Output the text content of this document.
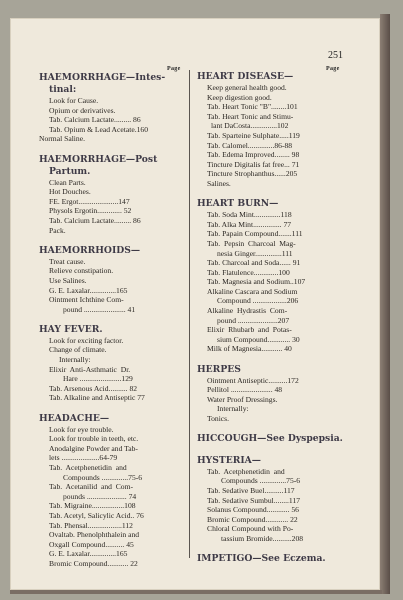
251
Page	Page
HAEMORRHAGE—Intes-
tinal:
Look for Cause.
Opium or derivatives.
Tab. Calcium Lactate......... 86
Tab. Opium & Lead Acetate.160
Normal Saline.
HAEMORRHAGE—Post
Partum.
Clean Parts.
Hot Douches.
FE. Ergot.....................147
Physols Ergotin............. 52
Tab. Calcium Lactate......... 86
Pack.
HAEMORRHOIDS—
Treat cause.
Relieve constipation.
Use Salines.
G. E. Laxalar..............165
Ointment Ichthine Com-
pound ...................... 41
HAY FEVER.
Look for exciting factor.
Change of climate.
Internally:
Elixir  Anti-Asthmatic  Dr.
Hare ......................129
Tab. Arsenous Acid.......... 82
Tab. Alkaline and Antiseptic 77
HEADACHE—
Look for eye trouble.
Look for trouble in teeth, etc.
Anodalgine Powder and Tab-
lets ....................64-79
Tab.  Acetphenetidin  and
Compounds ..............75-6
Tab.  Acetanilid  and  Com-
pounds ..................... 74
Tab. Migraine.................108
Tab. Acetyl, Salicylic Acid.. 76
Tab. Phensal..................112
Ovaltab. Phenolphthalein and
Oxgall Compound.......... 45
G. E. Laxalar..............165
Bromic Compound........... 22
HEART DISEASE—
Keep general health good.
Keep digestion good.
Tab. Heart Tonic "B"........101
Tab. Heart Tonic and Stimu-
lant DaCosta..............102
Tab. Sparteine Sulphate.....119
Tab. Calomel..............86-88
Tab. Edema Improved........ 98
Tincture Digitalis fat free... 71
Tincture Strophanthus......205
Salines.
HEART BURN—
Tab. Soda Mint..............118
Tab. Alka Mint............... 77
Tab. Papain Compound.......111
Tab.  Pepsin  Charcoal  Mag-
nesia Ginger..............111
Tab. Charcoal and Soda...... 91
Tab. Flatulence.............100
Tab. Magnesia and Sodium..107
Alkaline Cascara and Sodium
Compound ..................206
Alkaline  Hydrastis  Com-
pound .....................207
Elixir  Rhubarb  and  Potas-
sium Compound............ 30
Milk of Magnesia........... 40
HERPES
Ointment Antiseptic..........172
Pellitol ...................... 48
Water Proof Dressings.
Internally:
Tonics.
HICCOUGH—See Dyspepsia.
HYSTERIA—
Tab.  Acetphenetidin  and
Compounds ..............75-6
Tab. Sedative Buel..........117
Tab. Sedative Sumbul........117
Solanus Compound............ 56
Bromic Compound............ 22
Chloral Compound with Po-
tassium Bromide..........208
IMPETIGO—See Eczema.
